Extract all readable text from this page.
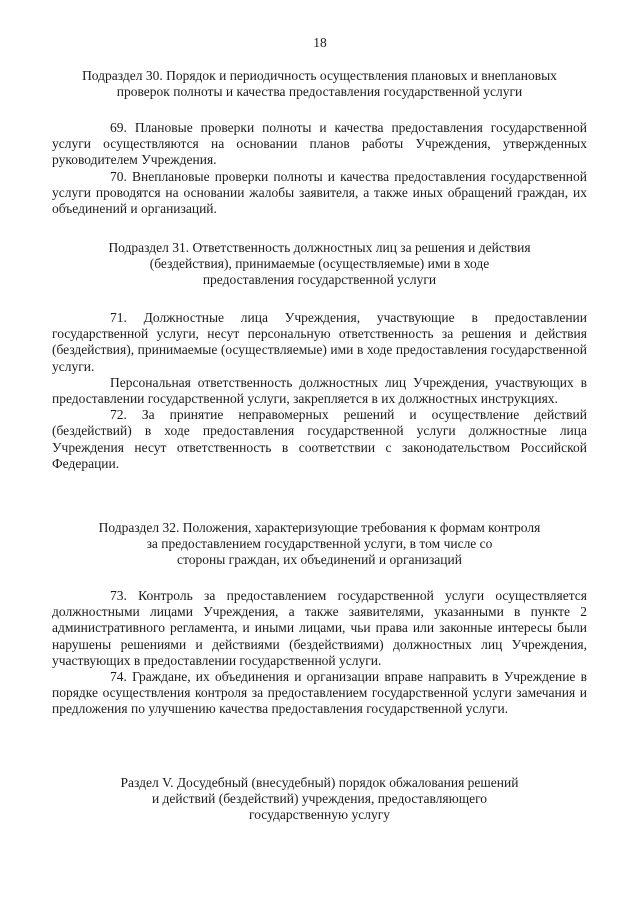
18
Подраздел 30. Порядок и периодичность осуществления плановых и внеплановых
проверок полноты и качества предоставления государственной услуги

69. Плановые проверки полноты и качества предоставления государственной услуги осуществляются на основании планов работы Учреждения, утвержденных руководителем Учреждения.

70. Внеплановые проверки полноты и качества предоставления государственной услуги проводятся на основании жалобы заявителя, а также иных обращений граждан, их объединений и организаций.

Подраздел 31. Ответственность должностных лиц за решения и действия
(бездействия), принимаемые (осуществляемые) ими в ходе
предоставления государственной услуги

71. Должностные лица Учреждения, участвующие в предоставлении государственной услуги, несут персональную ответственность за решения и действия (бездействия), принимаемые (осуществляемые) ими в ходе предоставления государственной услуги.

Персональная ответственность должностных лиц Учреждения, участвующих в предоставлении государственной услуги, закрепляется в их должностных инструкциях.

72. За принятие неправомерных решений и осуществление действий (бездействий) в ходе предоставления государственной услуги должностные лица Учреждения несут ответственность в соответствии с законодательством Российской Федерации.

Подраздел 32. Положения, характеризующие требования к формам контроля
за предоставлением государственной услуги, в том числе со
стороны граждан, их объединений и организаций

73. Контроль за предоставлением государственной услуги осуществляется должностными лицами Учреждения, а также заявителями, указанными в пункте 2 административного регламента, и иными лицами, чьи права или законные интересы были нарушены решениями и действиями (бездействиями) должностных лиц Учреждения, участвующих в предоставлении государственной услуги.

74. Граждане, их объединения и организации вправе направить в Учреждение в порядке осуществления контроля за предоставлением государственной услуги замечания и предложения по улучшению качества предоставления государственной услуги.

Раздел V. Досудебный (внесудебный) порядок обжалования решений
и действий (бездействий) учреждения, предоставляющего
государственную услугу
